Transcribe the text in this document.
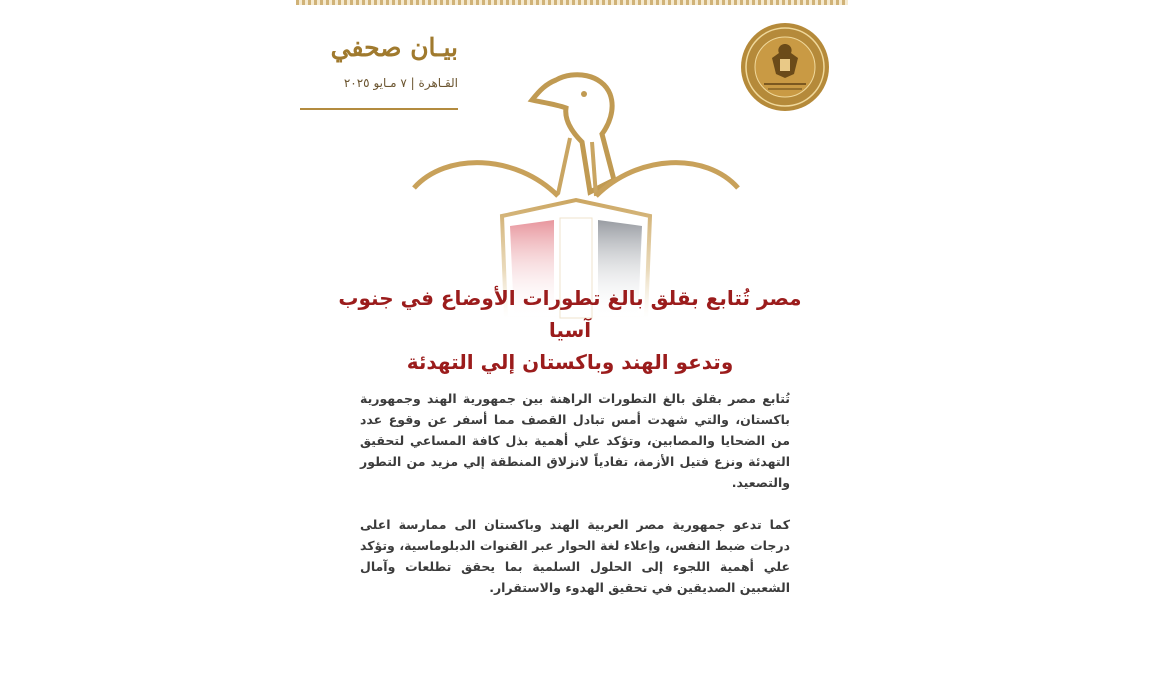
بيـان صحفي
القـاهرة | ٧ مـايو ٢٠٢٥
مصر تُتابع بقلق بالغ تطورات الأوضاع في جنوب آسيا
وتدعو الهند وباكستان إلي التهدئة
تُتابع مصر بقلق بالغ التطورات الراهنة بين جمهورية الهند وجمهورية باكستان، والتي شهدت أمس تبادل القصف مما أسفر عن وقوع عدد من الضحايا والمصابين، وتؤكد علي أهمية بذل كافة المساعي لتحقيق التهدئة ونزع فتيل الأزمة، تفادياً لانزلاق المنطقة إلي مزيد من التطور والتصعيد.
كما تدعو جمهورية مصر العربية الهند وباكستان الى ممارسة اعلى درجات ضبط النفس، وإعلاء لغة الحوار عبر القنوات الدبلوماسية، وتؤكد علي أهمية اللجوء إلى الحلول السلمية بما يحقق تطلعات وآمال الشعبين الصديقين في تحقيق الهدوء والاستقرار.
